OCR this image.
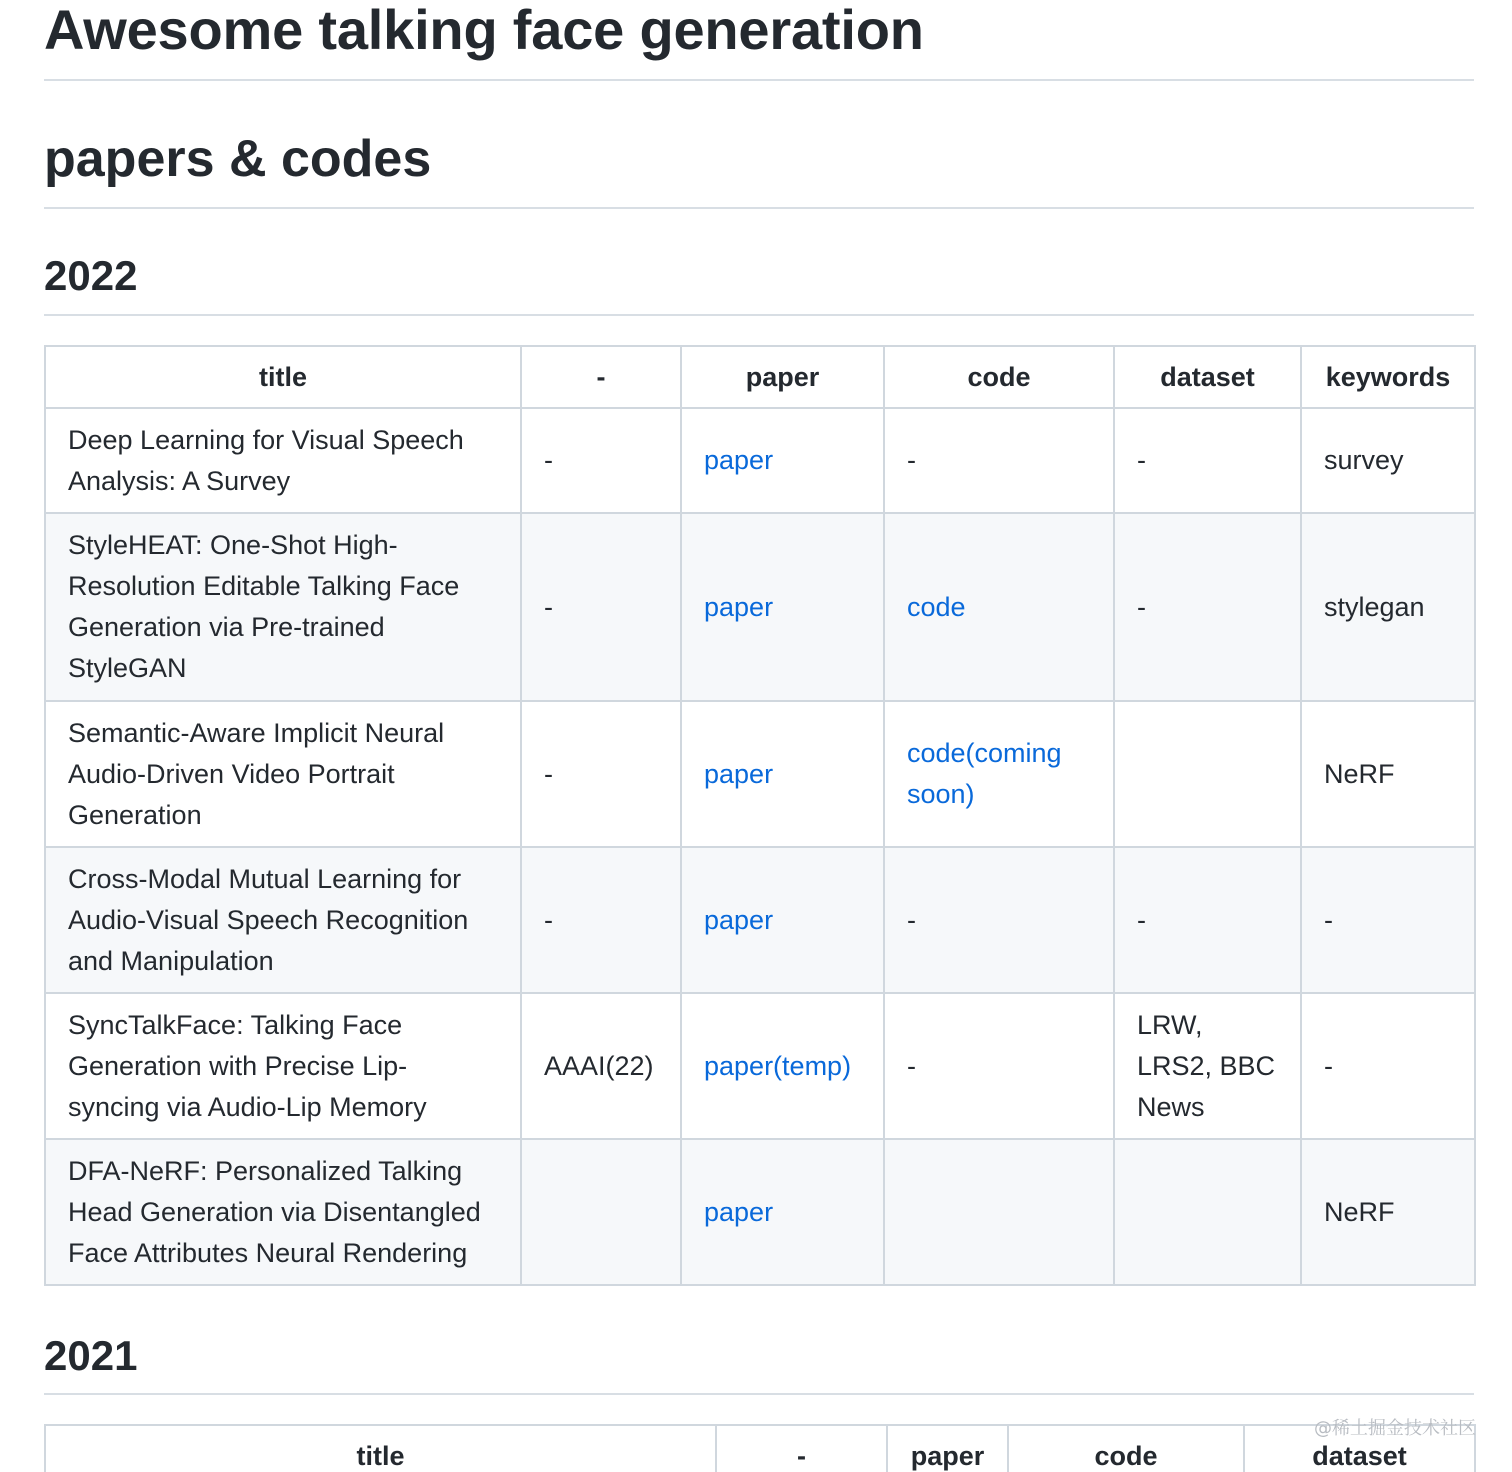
Awesome talking face generation
papers & codes
2022
title	-	paper	code	dataset	keywords
Deep Learning for Visual Speech Analysis: A Survey	-	paper	-	-	survey
StyleHEAT: One-Shot High-Resolution Editable Talking Face Generation via Pre-trained StyleGAN	-	paper	code	-	stylegan
Semantic-Aware Implicit Neural Audio-Driven Video Portrait Generation	-	paper	code(coming soon)		NeRF
Cross-Modal Mutual Learning for Audio-Visual Speech Recognition and Manipulation	-	paper	-	-	-
SyncTalkFace: Talking Face Generation with Precise Lip-syncing via Audio-Lip Memory	AAAI(22)	paper(temp)	-	LRW, LRS2, BBC News	-
DFA-NeRF: Personalized Talking Head Generation via Disentangled Face Attributes Neural Rendering		paper			NeRF
2021
title	-	paper	code	dataset
@稀土掘金技术社区
